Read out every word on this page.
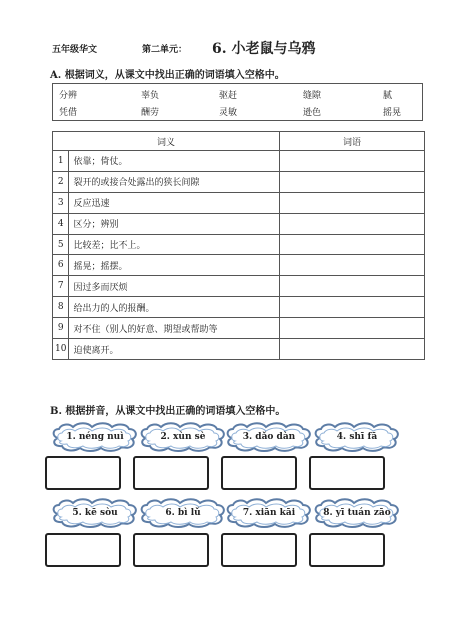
五年级华文	第二单元： 6. 小老鼠与乌鸦
A. 根据词义，从课文中找出正确的词语填入空格中。
分辨	辜负	驱赶	缝隙	腻
凭借	酬劳	灵敏	逊色	摇晃
词义		词语
1	依靠；倚仗。	
2	裂开的或接合处露出的狭长间隙	
3	反应迅速	
4	区分；辨别	
5	比较差；比不上。	
6	摇晃；摇摆。	
7	因过多而厌烦	
8	给出力的人的报酬。	
9	对不住（别人的好意、期望或帮助等	
10	迫使离开。	
B. 根据拼音，从课文中找出正确的词语填入空格中。
1. néng nuì	2. xùn sè	3. dǎo dàn	4. shī fā
5. kē sòu	6. bì lǔ	7. xiān kāi	8. yī tuán zāo
